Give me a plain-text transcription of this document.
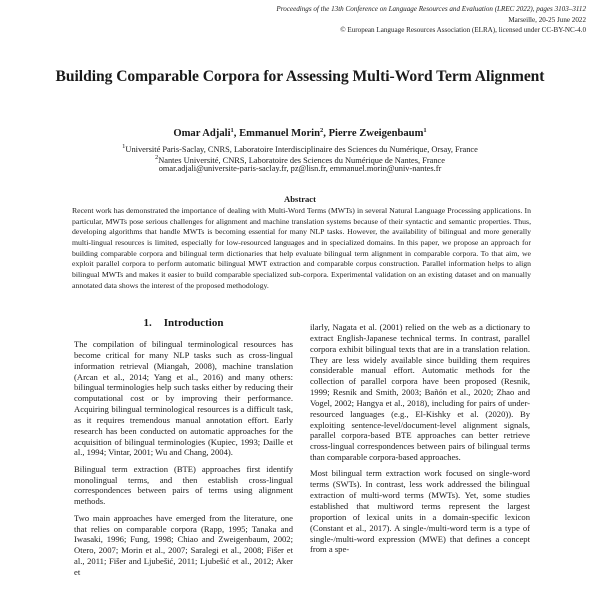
Proceedings of the 13th Conference on Language Resources and Evaluation (LREC 2022), pages 3103–3112
Marseille, 20-25 June 2022
© European Language Resources Association (ELRA), licensed under CC-BY-NC-4.0
Building Comparable Corpora for Assessing Multi-Word Term Alignment
Omar Adjali$^1$, Emmanuel Morin$^2$, Pierre Zweigenbaum$^1$
$^1$Université Paris-Saclay, CNRS, Laboratoire Interdisciplinaire des Sciences du Numérique, Orsay, France
$^2$Nantes Université, CNRS, Laboratoire des Sciences du Numérique de Nantes, France
omar.adjali@universite-paris-saclay.fr, pz@lisn.fr, emmanuel.morin@univ-nantes.fr
Abstract

Recent work has demonstrated the importance of dealing with Multi-Word Terms (MWTs) in several Natural Language Processing applications. In particular, MWTs pose serious challenges for alignment and machine translation systems because of their syntactic and semantic properties. Thus, developing algorithms that handle MWTs is becoming essential for many NLP tasks. However, the availability of bilingual and more generally multi-lingual resources is limited, especially for low-resourced languages and in specialized domains. In this paper, we propose an approach for building comparable corpora and bilingual term dictionaries that help evaluate bilingual term alignment in comparable corpora. To that aim, we exploit parallel corpora to perform automatic bilingual MWT extraction and comparable corpus construction. Parallel information helps to align bilingual MWTs and makes it easier to build comparable specialized sub-corpora. Experimental validation on an existing dataset and on manually annotated data shows the interest of the proposed methodology.

1. Introduction

The compilation of bilingual terminological resources has become critical for many NLP tasks such as cross-lingual information retrieval (Miangah, 2008), machine translation (Arcan et al., 2014; Yang et al., 2016) and many others: bilingual terminologies help such tasks either by reducing their computational cost or by improving their performance. Acquiring bilingual terminological resources is a difficult task, as it requires tremendous manual annotation effort. Early research has been conducted on automatic approaches for the acquisition of bilingual terminologies (Kupiec, 1993; Daille et al., 1994; Vintar, 2001; Wu and Chang, 2004).

Bilingual term extraction (BTE) approaches first identify monolingual terms, and then establish cross-lingual correspondences between pairs of terms using alignment methods.

Two main approaches have emerged from the literature, one that relies on comparable corpora (Rapp, 1995; Tanaka and Iwasaki, 1996; Fung, 1998; Chiao and Zweigenbaum, 2002; Otero, 2007; Morin et al., 2007; Saralegi et al., 2008; Fišer et al., 2011; Fišer and Ljubešić, 2011; Ljubešić et al., 2012; Aker et

ilarly, Nagata et al. (2001) relied on the web as a dictionary to extract English-Japanese technical terms. In contrast, parallel corpora exhibit bilingual texts that are in a translation relation. They are less widely available since building them requires considerable manual effort. Automatic methods for the collection of parallel corpora have been proposed (Resnik, 1999; Resnik and Smith, 2003; Bañón et al., 2020; Zhao and Vogel, 2002; Hangya et al., 2018), including for pairs of under-resourced languages (e.g., El-Kishky et al. (2020)). By exploiting sentence-level/document-level alignment signals, parallel corpora-based BTE approaches can better retrieve cross-lingual correspondences between pairs of bilingual terms than comparable corpora-based approaches.

Most bilingual term extraction work focused on single-word terms (SWTs). In contrast, less work addressed the bilingual extraction of multi-word terms (MWTs). Yet, some studies established that multiword terms represent the largest proportion of lexical units in a domain-specific lexicon (Constant et al., 2017). A single-/multi-word term is a type of single-/multi-word expression (MWE) that defines a concept from a spe-
